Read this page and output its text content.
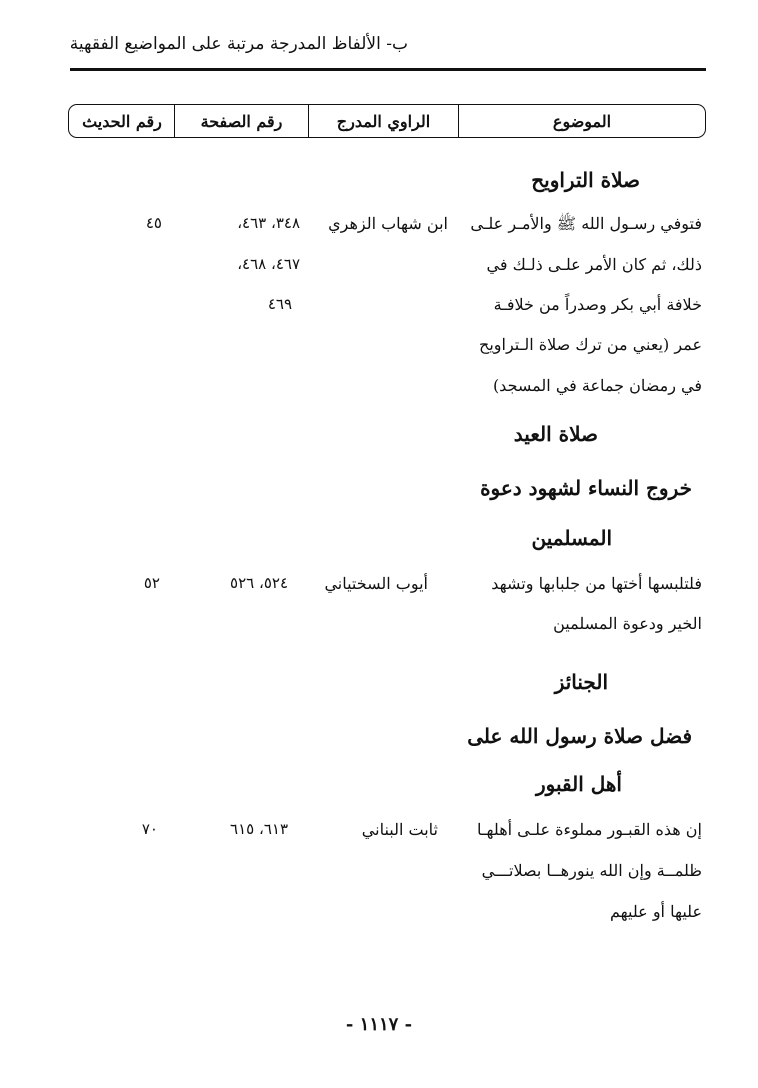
ب- الألفاظ المدرجة مرتبة على المواضيع الفقهية
الموضوع
الراوي المدرج
رقم الصفحة
رقم الحديث
صلاة التراويح
فتوفي رسـول الله ﷺ والأمـر علـى
ذلك، ثم كان الأمر علـى ذلـك في
خلافة أبي بكر وصدراً من خلافـة
عمر (يعني من ترك صلاة الـتراويح
في رمضان جماعة في المسجد)
ابن شهاب الزهري
٣٤٨، ٤٦٣،
٤٦٧، ٤٦٨،
٤٦٩
٤٥
صلاة العيد
خروج النساء لشهود دعوة
المسلمين
فلتلبسها أختها من جلبابها وتشهد
الخير ودعوة المسلمين
أيوب السختياني
٥٢٤، ٥٢٦
٥٢
الجنائز
فضل صلاة رسول الله على
أهل القبور
إن هذه القبـور مملوءة علـى أهلهـا
ظلمــة وإن الله ينورهــا بصلاتـــي
عليها أو عليهم
ثابت البناني
٦١٣، ٦١٥
٧٠
- ١١١٧ -
